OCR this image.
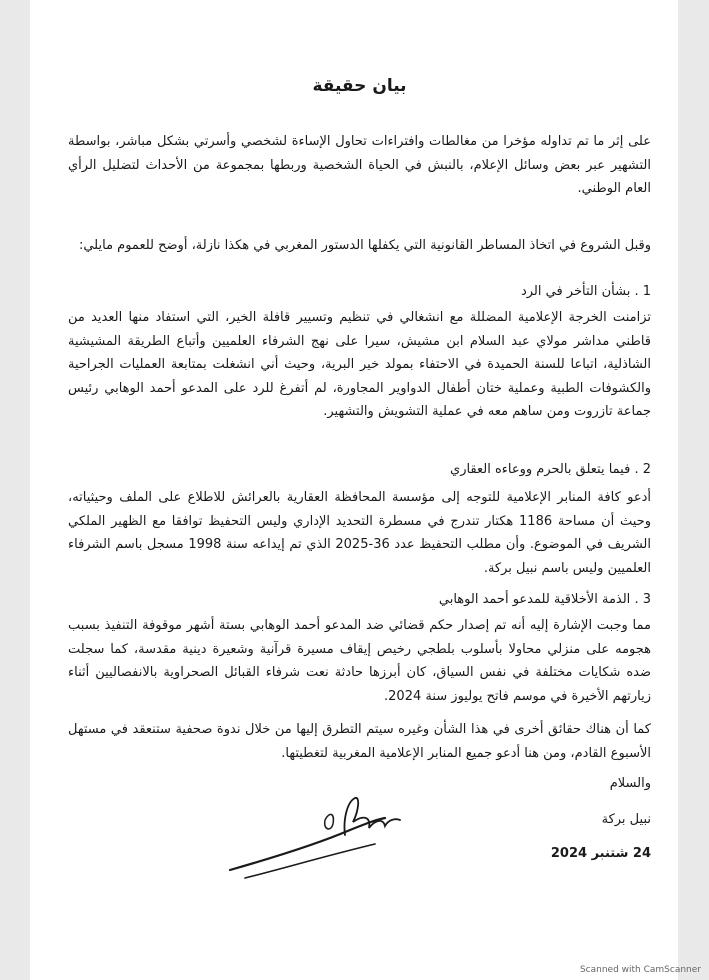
بيان حقيقة

على إثر ما تم تداوله مؤخرا من مغالطات وافتراءات تحاول الإساءة لشخصي وأسرتي بشكل مباشر، بواسطة التشهير عبر بعض وسائل الإعلام، بالنبش في الحياة الشخصية وربطها بمجموعة من الأحداث لتضليل الرأي العام الوطني.

وقبل الشروع في اتخاذ المساطر القانونية التي يكفلها الدستور المغربي في هكذا نازلة، أوضح للعموم مايلي:

1 . بشأن التأخر في الرد

تزامنت الخرجة الإعلامية المضللة مع انشغالي في تنظيم وتسيير قافلة الخير، التي استفاد منها العديد من قاطني مداشر مولاي عبد السلام ابن مشيش، سيرا على نهج الشرفاء العلميين وأتباع الطريقة المشيشية الشاذلية، اتباعا للسنة الحميدة في الاحتفاء بمولد خير البرية، وحيث أني انشغلت بمتابعة العمليات الجراحية والكشوفات الطبية وعملية ختان أطفال الدواوير المجاورة، لم أتفرغ للرد على المدعو أحمد الوهابي رئيس جماعة تازروت ومن ساهم معه في عملية التشويش والتشهير.

2 . فيما يتعلق بالحرم ووعاءه العقاري

أدعو كافة المنابر الإعلامية للتوجه إلى مؤسسة المحافظة العقارية بالعرائش للاطلاع على الملف وحيثياته، وحيث أن مساحة 1186 هكتار تندرج في مسطرة التحديد الإداري وليس التحفيظ توافقا مع الظهير الملكي الشريف في الموضوع. وأن مطلب التحفيظ عدد 36-2025 الذي تم إيداعه سنة 1998 مسجل باسم الشرفاء العلميين وليس باسم نبيل بركة.

3 . الذمة الأخلاقية للمدعو أحمد الوهابي

مما وجبت الإشارة إليه أنه تم إصدار حكم قضائي ضد المدعو أحمد الوهابي بستة أشهر موقوفة التنفيذ بسبب هجومه على منزلي محاولا بأسلوب بلطجي رخيص إيقاف مسيرة قرآنية وشعيرة دينية مقدسة، كما سجلت ضده شكايات مختلفة في نفس السياق، كان أبرزها حادثة نعت شرفاء القبائل الصحراوية بالانفصاليين أثناء زيارتهم الأخيرة في موسم فاتح يوليوز سنة 2024.

كما أن هناك حقائق أخرى في هذا الشأن وغيره سيتم التطرق إليها من خلال ندوة صحفية ستنعقد في مستهل الأسبوع القادم، ومن هنا أدعو جميع المنابر الإعلامية المغربية لتغطيتها.

والسلام
نبيل بركة
24 شتنبر 2024
Scanned with CamScanner
